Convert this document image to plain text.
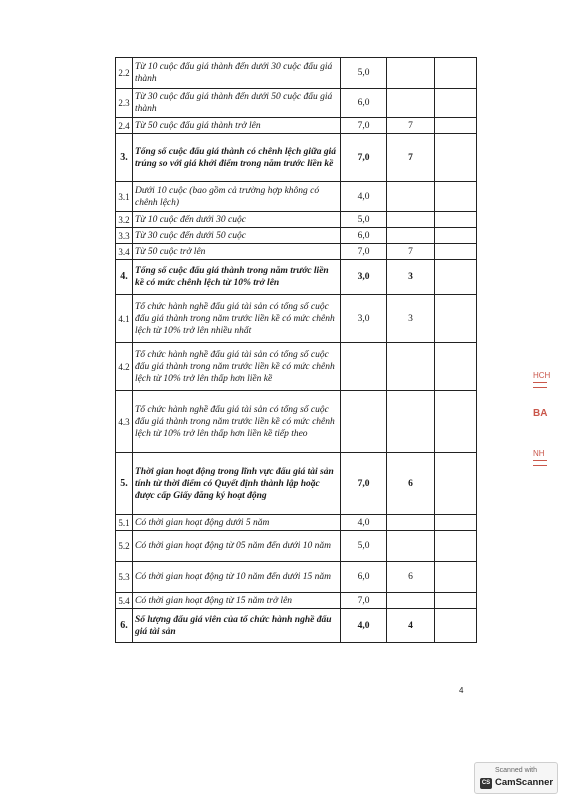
2.2	Từ 10 cuộc đấu giá thành đến dưới 30 cuộc đấu giá thành	5,0		
2.3	Từ 30 cuộc đấu giá thành đến dưới 50 cuộc đấu giá thành	6,0		
2.4	Từ 50 cuộc đấu giá thành trở lên	7,0	7	
3.	Tổng số cuộc đấu giá thành có chênh lệch giữa giá trúng so với giá khởi điểm trong năm trước liền kề	7,0	7	
3.1	Dưới 10 cuộc (bao gồm cả trường hợp không có chênh lệch)	4,0		
3.2	Từ 10 cuộc đến dưới 30 cuộc	5,0		
3.3	Từ 30 cuộc đến dưới 50 cuộc	6,0		
3.4	Từ 50 cuộc trở lên	7,0	7	
4.	Tổng số cuộc đấu giá thành trong năm trước liền kề có mức chênh lệch từ 10% trở lên	3,0	3	
4.1	Tổ chức hành nghề đấu giá tài sản có tổng số cuộc đấu giá thành trong năm trước liền kề có mức chênh lệch từ 10% trở lên nhiều nhất	3,0	3	
4.2	Tổ chức hành nghề đấu giá tài sản có tổng số cuộc đấu giá thành trong năm trước liền kề có mức chênh lệch từ 10% trở lên thấp hơn liền kề			
4.3	Tổ chức hành nghề đấu giá tài sản có tổng số cuộc đấu giá thành trong năm trước liền kề có mức chênh lệch từ 10% trở lên thấp hơn liền kề tiếp theo			
5.	Thời gian hoạt động trong lĩnh vực đấu giá tài sản tính từ thời điểm có Quyết định thành lập hoặc được cấp Giấy đăng ký hoạt động	7,0	6	
5.1	Có thời gian hoạt động dưới 5 năm	4,0		
5.2	Có thời gian hoạt động từ 05 năm đến dưới 10 năm	5,0		
5.3	Có thời gian hoạt động từ 10 năm đến dưới 15 năm	6,0	6	
5.4	Có thời gian hoạt động từ 15 năm trở lên	7,0		
6.	Số lượng đấu giá viên của tổ chức hành nghề đấu giá tài sản	4,0	4	
4
HCH
BA
NH
Scanned with
CS CamScanner
